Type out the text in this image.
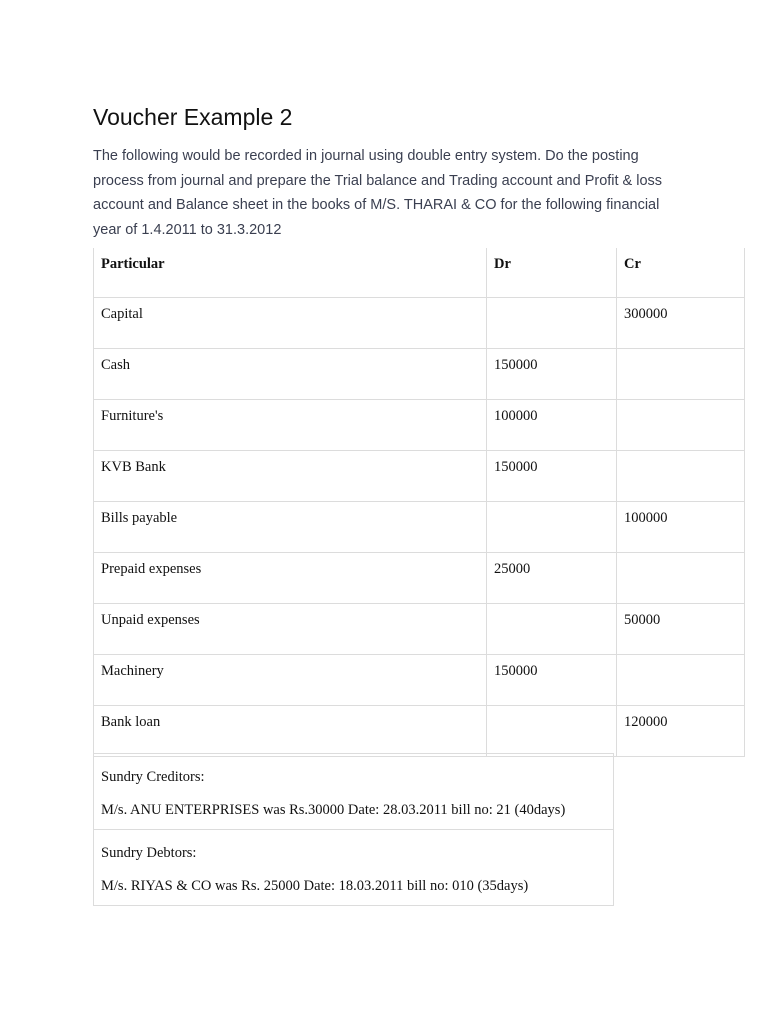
Voucher Example 2
The following would be recorded in journal using double entry system. Do the posting process from journal and prepare the Trial balance and Trading account and Profit & loss account and Balance sheet in the books of M/S. THARAI & CO for the following financial year of 1.4.2011 to 31.3.2012
Particular	Dr	Cr
Capital		300000
Cash	150000	
Furniture's	100000	
KVB Bank	150000	
Bills payable		100000
Prepaid expenses	25000	
Unpaid expenses		50000
Machinery	150000	
Bank loan		120000
Sundry Creditors:
M/s. ANU ENTERPRISES was Rs.30000 Date: 28.03.2011 bill no: 21 (40days)

Sundry Debtors:
M/s. RIYAS & CO was Rs. 25000 Date: 18.03.2011 bill no: 010 (35days)
